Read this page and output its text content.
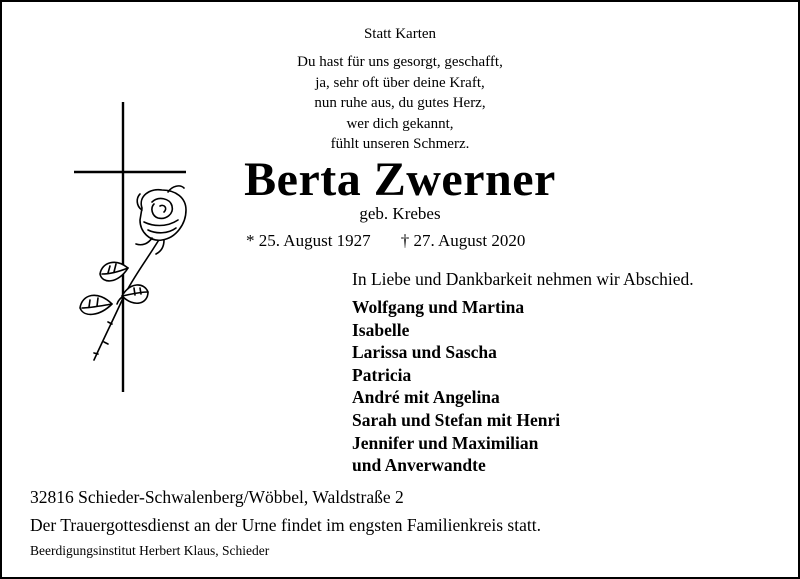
Statt Karten
Du hast für uns gesorgt, geschafft,
ja, sehr oft über deine Kraft,
nun ruhe aus, du gutes Herz,
wer dich gekannt,
fühlt unseren Schmerz.
Berta Zwerner
geb. Krebes
* 25. August 1927 † 27. August 2020
In Liebe und Dankbarkeit nehmen wir Abschied.
Wolfgang und Martina
Isabelle
Larissa und Sascha
Patricia
André mit Angelina
Sarah und Stefan mit Henri
Jennifer und Maximilian
und Anverwandte
32816 Schieder-Schwalenberg/Wöbbel, Waldstraße 2
Der Trauergottesdienst an der Urne findet im engsten Familienkreis statt.
Beerdigungsinstitut Herbert Klaus, Schieder
